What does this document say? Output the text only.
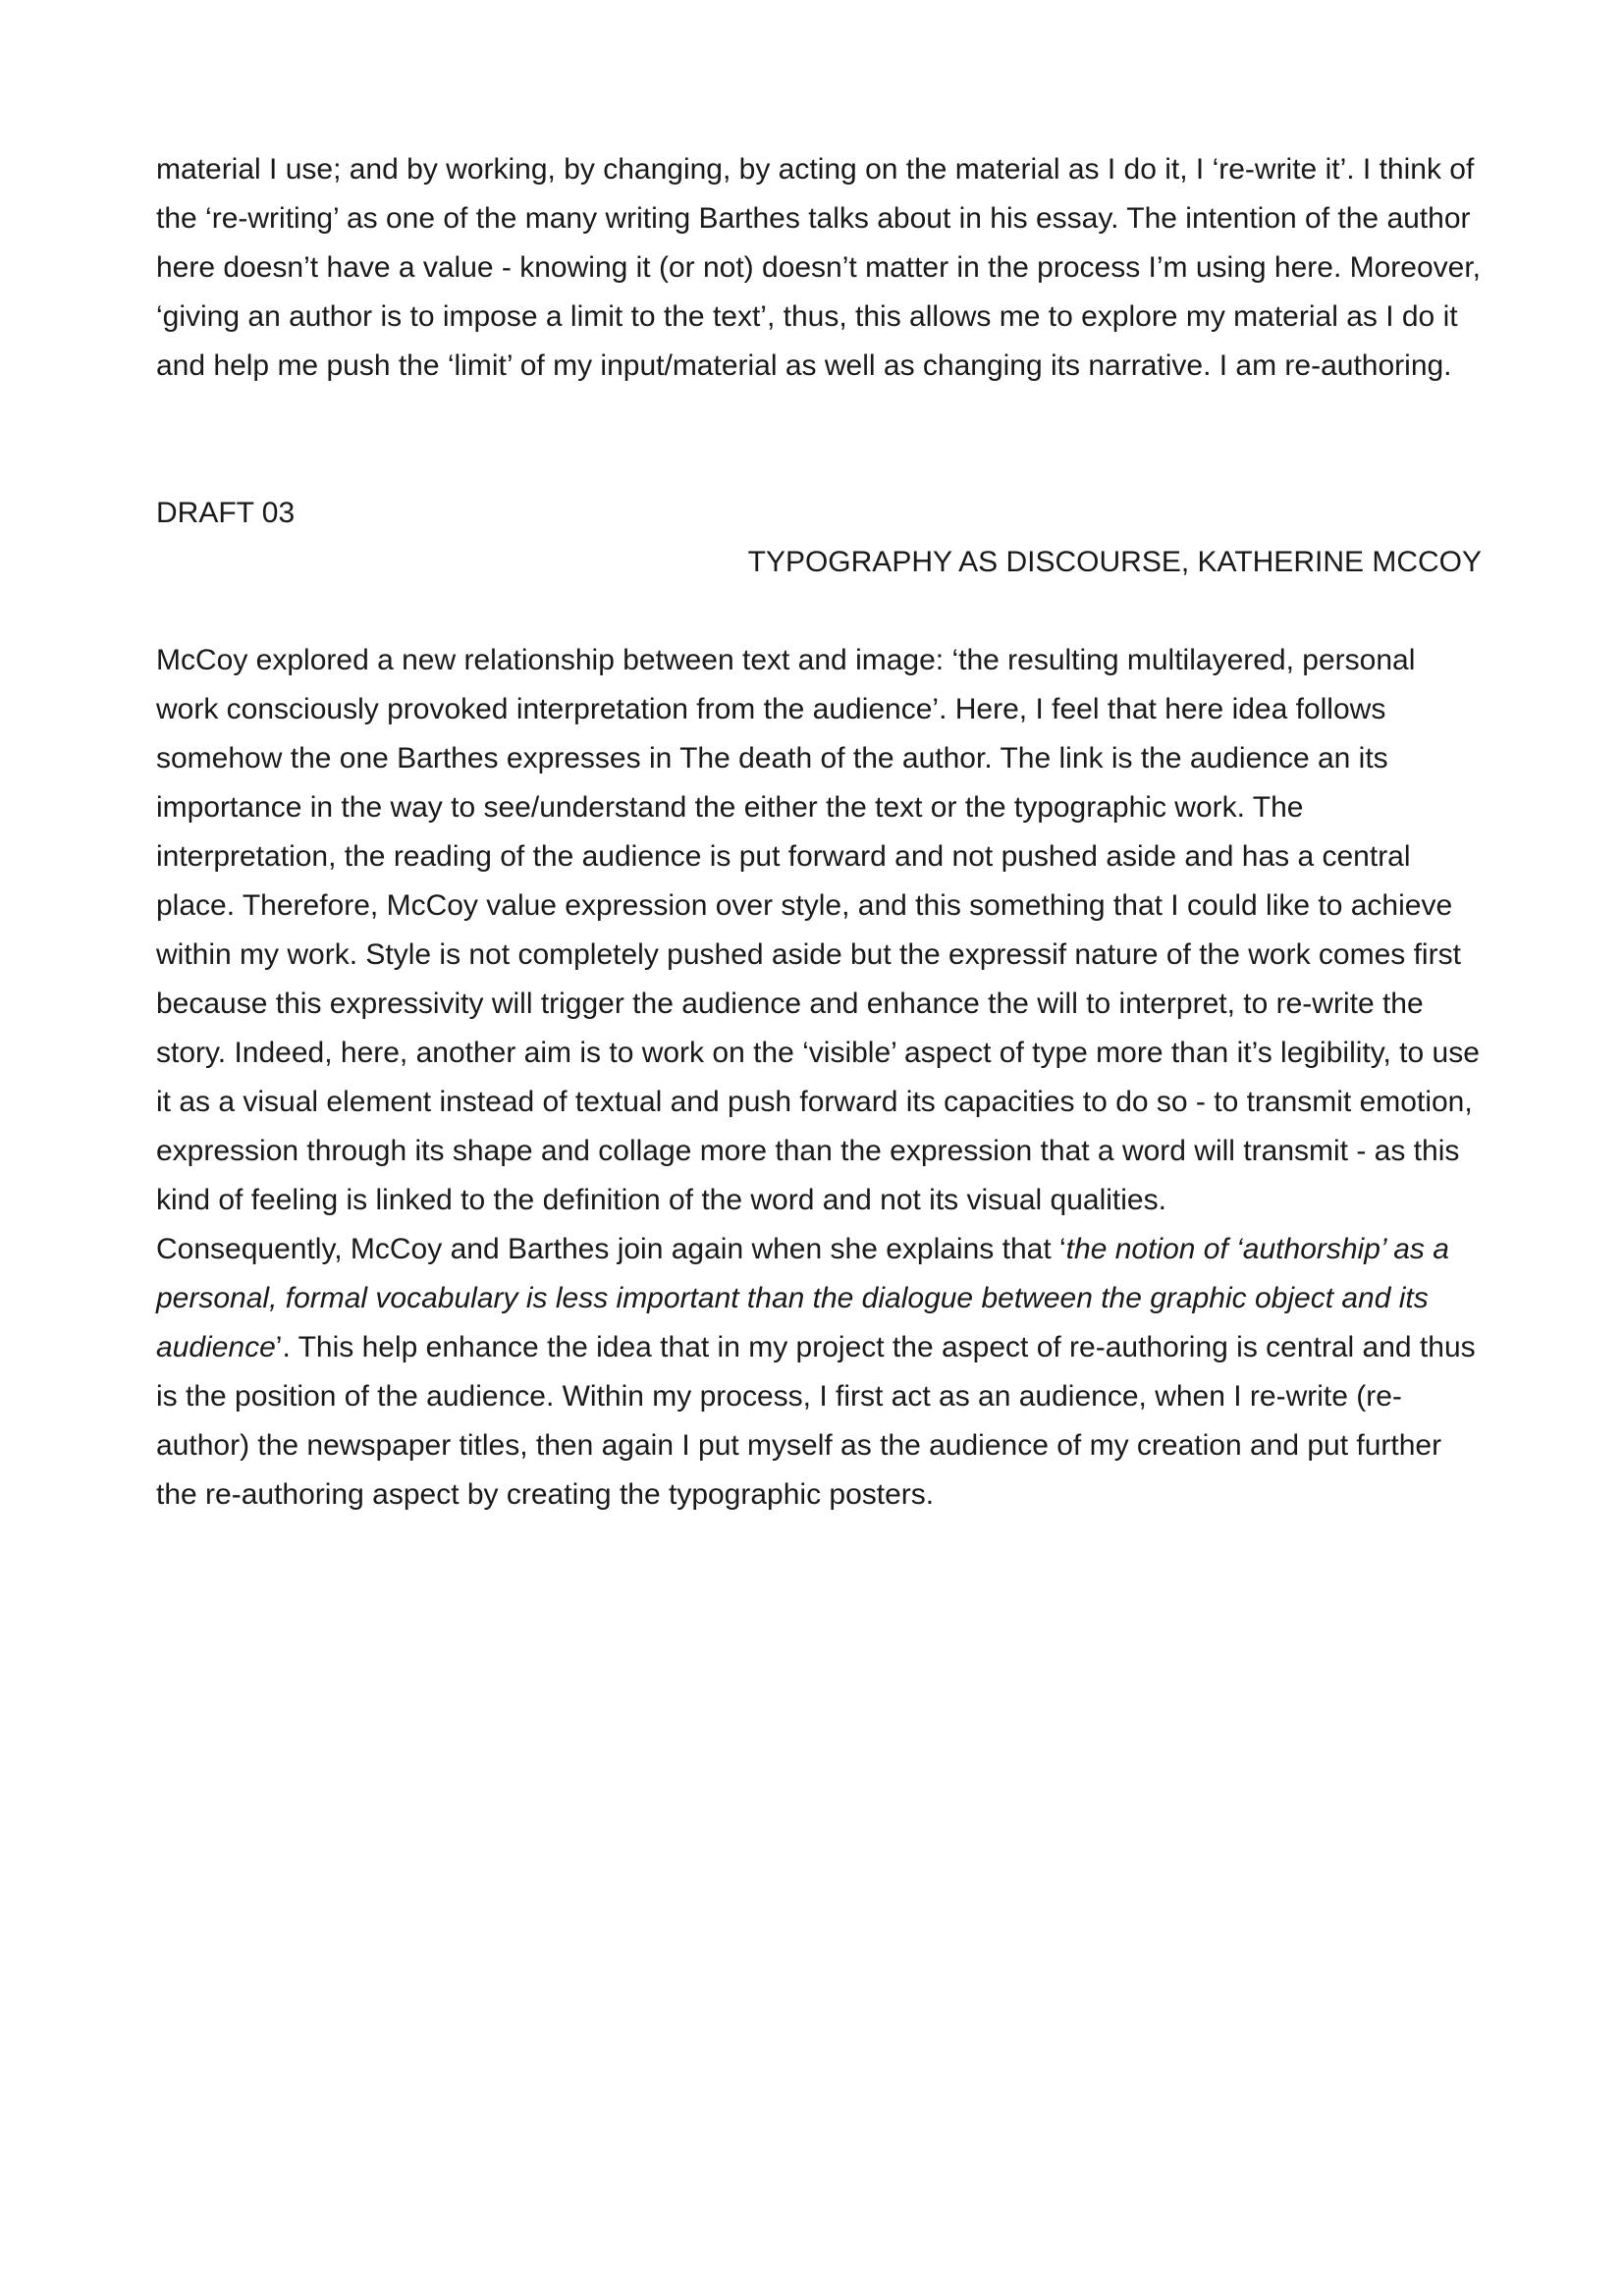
material I use; and by working, by changing, by acting on the material as I do it, I ‘re-write it’. I think of the ‘re-writing’ as one of the many writing Barthes talks about in his essay. The intention of the author here doesn’t have a value - knowing it (or not) doesn’t matter in the process I’m using here. Moreover, ‘giving an author is to impose a limit to the text’, thus, this allows me to explore my material as I do it and help me push the ‘limit’ of my input/material as well as changing its narrative. I am re-authoring.

DRAFT 03

TYPOGRAPHY AS DISCOURSE, KATHERINE MCCOY

McCoy explored a new relationship between text and image: ‘the resulting multilayered, personal work consciously provoked interpretation from the audience’. Here, I feel that here idea follows somehow the one Barthes expresses in The death of the author. The link is the audience an its importance in the way to see/understand the either the text or the typographic work. The interpretation, the reading of the audience is put forward and not pushed aside and has a central place. Therefore, McCoy value expression over style, and this something that I could like to achieve within my work. Style is not completely pushed aside but the expressif nature of the work comes first because this expressivity will trigger the audience and enhance the will to interpret, to re-write the story. Indeed, here, another aim is to work on the ‘visible’ aspect of type more than it’s legibility, to use it as a visual element instead of textual and push forward its capacities to do so - to transmit emotion, expression through its shape and collage more than the expression that a word will transmit - as this kind of feeling is linked to the definition of the word and not its visual qualities.

Consequently, McCoy and Barthes join again when she explains that ‘the notion of ‘authorship’ as a personal, formal vocabulary is less important than the dialogue between the graphic object and its audience’. This help enhance the idea that in my project the aspect of re-authoring is central and thus is the position of the audience. Within my process, I first act as an audience, when I re-write (re-author) the newspaper titles, then again I put myself as the audience of my creation and put further the re-authoring aspect by creating the typographic posters.
